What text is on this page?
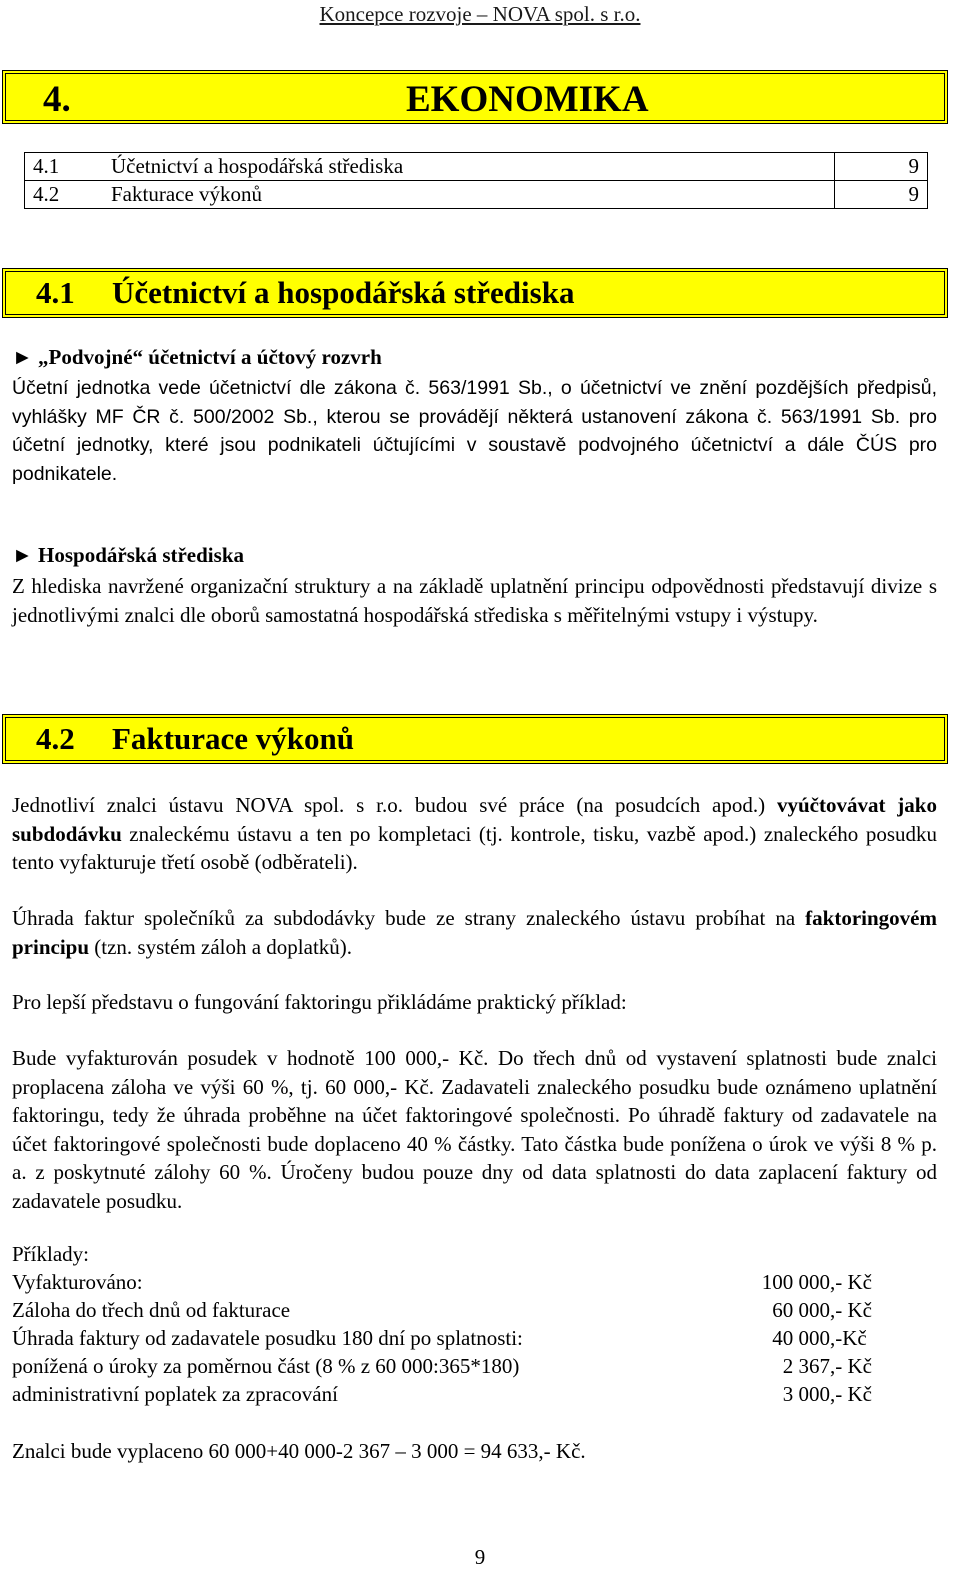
Koncepce rozvoje – NOVA spol. s r.o.
4.	EKONOMIKA
4.1	Účetnictví a hospodářská střediska	9
4.2	Fakturace výkonů	9
4.1 Účetnictví a hospodářská střediska
► „Podvojné“ účetnictví a účtový rozvrh
Účetní jednotka vede účetnictví dle zákona č. 563/1991 Sb., o účetnictví ve znění pozdějších předpisů, vyhlášky MF ČR č. 500/2002 Sb., kterou se provádějí některá ustanovení zákona č. 563/1991 Sb. pro účetní jednotky, které jsou podnikateli účtujícími v soustavě podvojného účetnictví a dále ČÚS pro podnikatele.
► Hospodářská střediska
Z hlediska navržené organizační struktury a na základě uplatnění principu odpovědnosti představují divize s jednotlivými znalci dle oborů samostatná hospodářská střediska s měřitelnými vstupy i výstupy.
4.2 Fakturace výkonů
Jednotliví znalci ústavu NOVA spol. s r.o. budou své práce (na posudcích apod.) vyúčtovávat jako subdodávku znaleckému ústavu a ten po kompletaci (tj. kontrole, tisku, vazbě apod.) znaleckého posudku tento vyfakturuje třetí osobě (odběrateli).
Úhrada faktur společníků za subdodávky bude ze strany znaleckého ústavu probíhat na faktoringovém principu (tzn. systém záloh a doplatků).
Pro lepší představu o fungování faktoringu přikládáme praktický příklad:
Bude vyfakturován posudek v hodnotě 100 000,- Kč. Do třech dnů od vystavení splatnosti bude znalci proplacena záloha ve výši 60 %, tj. 60 000,- Kč. Zadavateli znaleckého posudku bude oznámeno uplatnění faktoringu, tedy že úhrada proběhne na účet faktoringové společnosti. Po úhradě faktury od zadavatele na účet faktoringové společnosti bude doplaceno 40 % částky. Tato částka bude ponížena o úrok ve výši 8 % p. a. z poskytnuté zálohy 60 %. Úročeny budou pouze dny od data splatnosti do data zaplacení faktury od zadavatele posudku.
Příklady:
Vyfakturováno:	100 000,- Kč
Záloha do třech dnů od fakturace	60 000,- Kč
Úhrada faktury od zadavatele posudku 180 dní po splatnosti:	40 000,-Kč
ponížená o úroky za poměrnou část (8 % z 60 000:365*180)	2 367,- Kč
administrativní poplatek za zpracování	3 000,- Kč
Znalci bude vyplaceno 60 000+40 000-2 367 – 3 000 = 94 633,- Kč.
9
